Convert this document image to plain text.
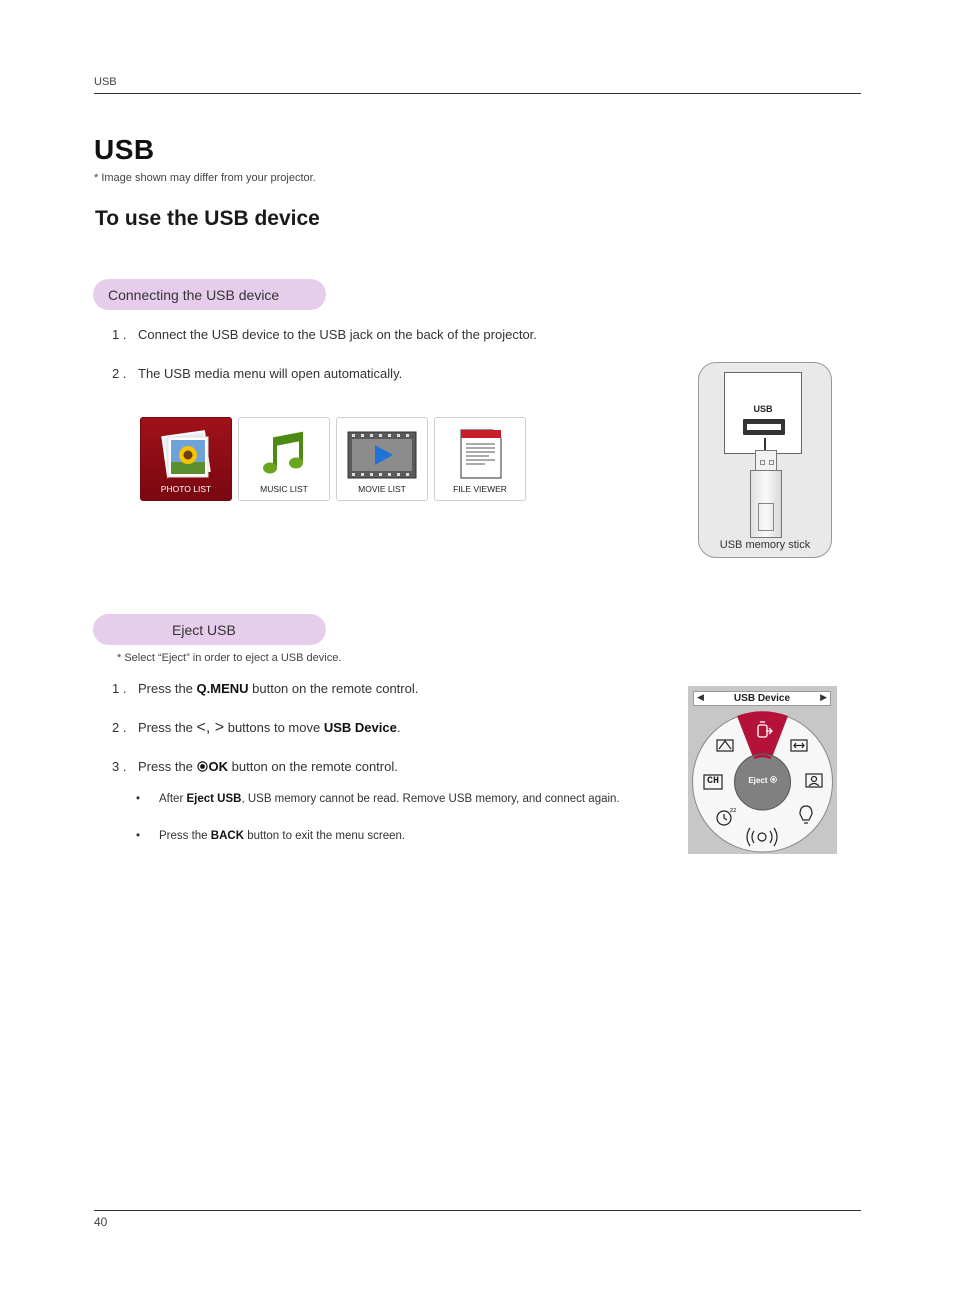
USB
USB
* Image shown may differ from your projector.
To use the USB device
Connecting the USB device
1 . Connect the USB device to the USB jack on the back of the projector.
2 . The USB media menu will open automatically.
PHOTO LIST	MUSIC LIST	MOVIE LIST	FILE VIEWER
USB
USB memory stick
Eject USB
* Select “Eject” in order to eject a USB device.
1 . Press the Q.MENU button on the remote control.
2 . Press the <, > buttons to move USB Device.
3 . Press the OK button on the remote control.
• After Eject USB, USB memory cannot be read. Remove USB memory, and connect again.
• Press the BACK button to exit the menu screen.
◀	USB Device	▶
zz
CH	Eject
40
